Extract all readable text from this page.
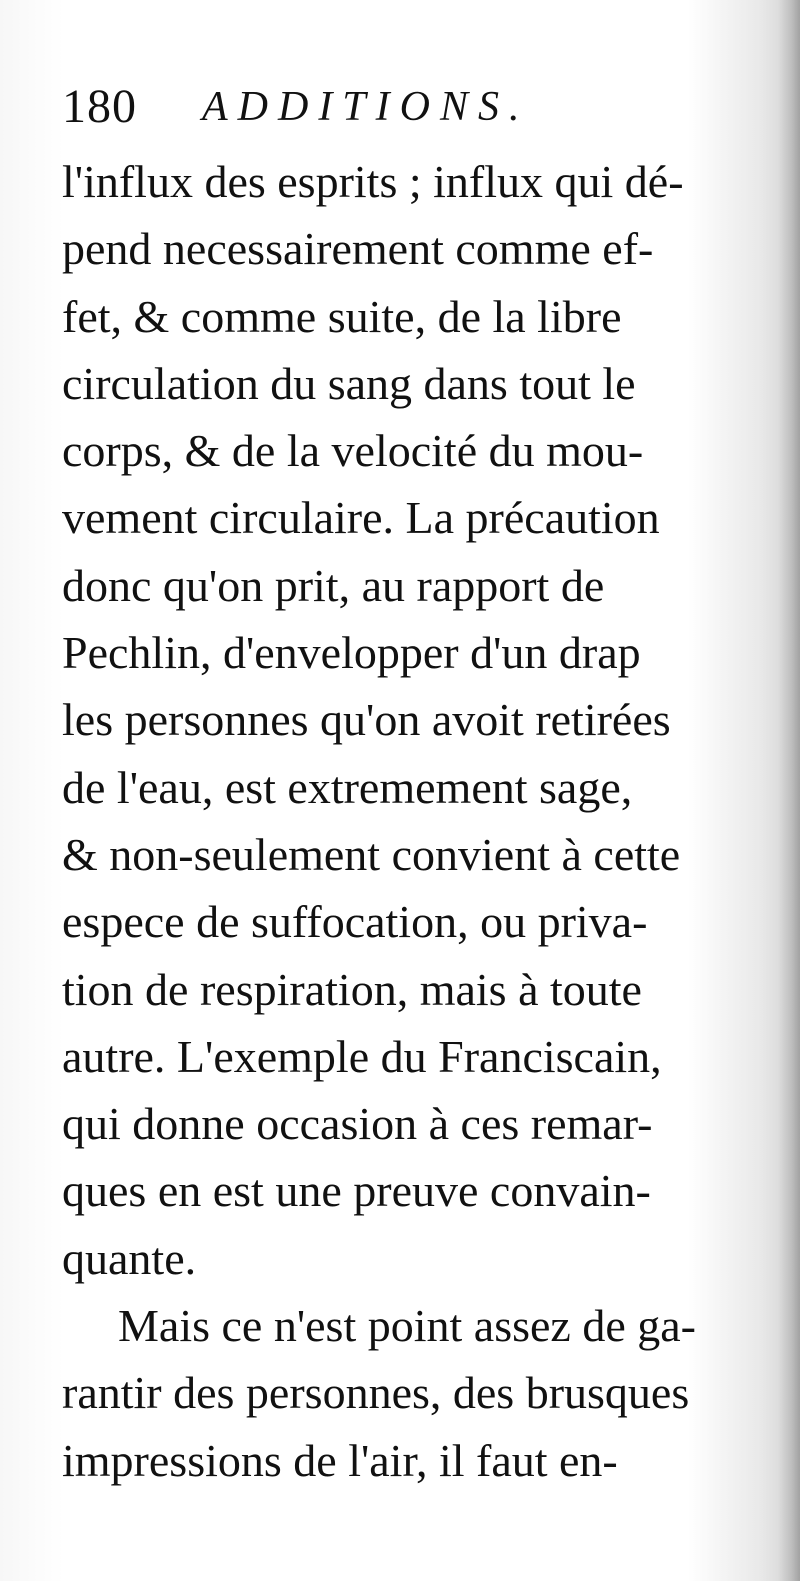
180 ADDITIONS.
l'influx des esprits ; influx qui dé-
pend necessairement comme ef-
fet, & comme suite, de la libre
circulation du sang dans tout le
corps, & de la velocité du mou-
vement circulaire. La précaution
donc qu'on prit, au rapport de
Pechlin, d'envelopper d'un drap
les personnes qu'on avoit retirées
de l'eau, est extremement sage,
& non-seulement convient à cette
espece de suffocation, ou priva-
tion de respiration, mais à toute
autre. L'exemple du Franciscain,
qui donne occasion à ces remar-
ques en est une preuve convain-
quante.
Mais ce n'est point assez de ga-
rantir des personnes, des brusques
impressions de l'air, il faut en-
